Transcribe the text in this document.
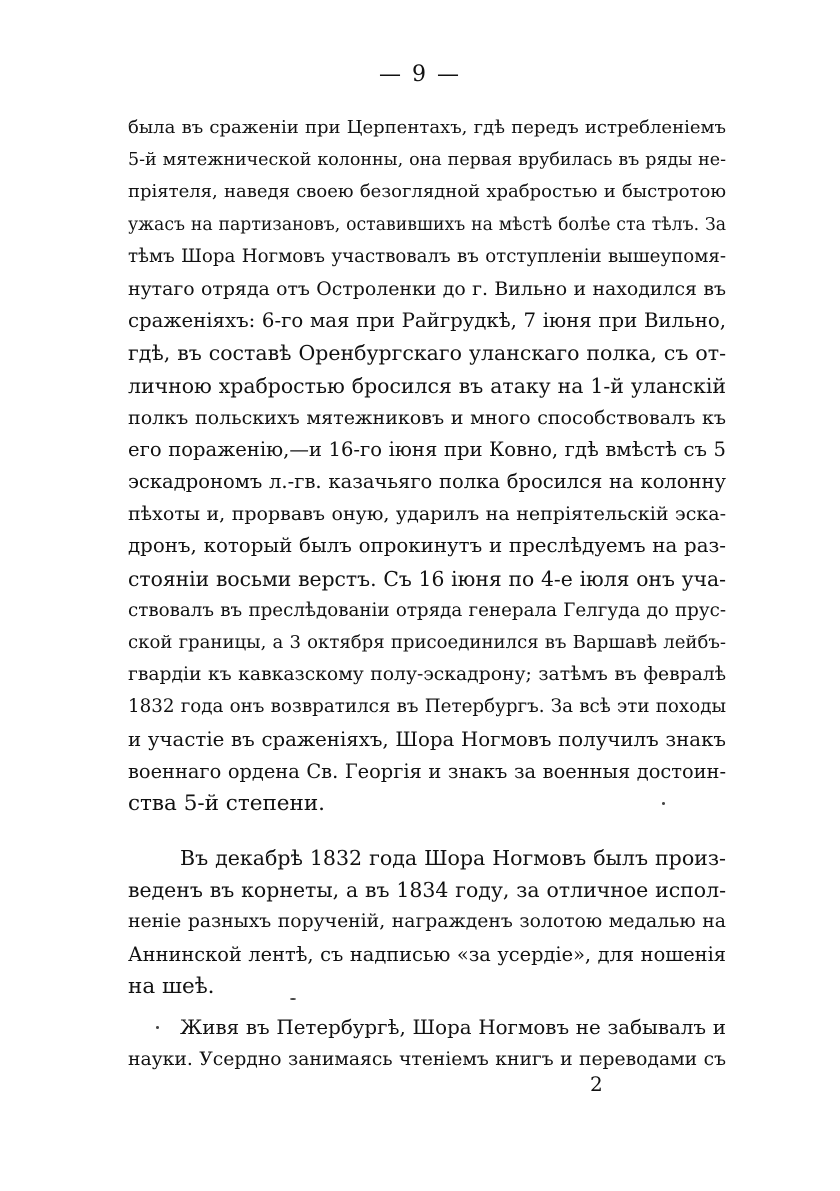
— 9 —
была въ сраженіи при Церпентахъ, гдѣ передъ истребленіемъ
5-й мятежнической колонны, она первая врубилась въ ряды не-
пріятеля, наведя своею безоглядной храбростью и быстротою
ужасъ на партизановъ, оставившихъ на мѣстѣ болѣе ста тѣлъ. За
тѣмъ Шора Ногмовъ участвовалъ въ отступленіи вышеупомя-
нутаго отряда отъ Остроленки до г. Вильно и находился въ
сраженіяхъ: 6-го мая при Райгрудкѣ, 7 іюня при Вильно,
гдѣ, въ составѣ Оренбургскаго уланскаго полка, съ от-
личною храбростью бросился въ атаку на 1-й уланскій
полкъ польскихъ мятежниковъ и много способствовалъ къ
его пораженію,—и 16-го іюня при Ковно, гдѣ вмѣстѣ съ 5
эскадрономъ л.-гв. казачьяго полка бросился на колонну
пѣхоты и, прорвавъ оную, ударилъ на непріятельскій эска-
дронъ, который былъ опрокинутъ и преслѣдуемъ на раз-
стояніи восьми верстъ. Съ 16 іюня по 4-е іюля онъ уча-
ствовалъ въ преслѣдованіи отряда генерала Гелгуда до прус-
ской границы, а 3 октября присоединился въ Варшавѣ лейбъ-
гвардіи къ кавказскому полу-эскадрону; затѣмъ въ февралѣ
1832 года онъ возвратился въ Петербургъ. За всѣ эти походы
и участіе въ сраженіяхъ, Шора Ногмовъ получилъ знакъ
военнаго ордена Св. Георгія и знакъ за военныя достоин-
ства 5-й степени.
Въ декабрѣ 1832 года Шора Ногмовъ былъ произ-
веденъ въ корнеты, а въ 1834 году, за отличное испол-
неніе разныхъ порученій, награжденъ золотою медалью на
Аннинской лентѣ, съ надписью «за усердіе», для ношенія
на шеѣ.
Живя въ Петербургѣ, Шора Ногмовъ не забывалъ и
науки. Усердно занимаясь чтеніемъ книгъ и переводами съ
2
